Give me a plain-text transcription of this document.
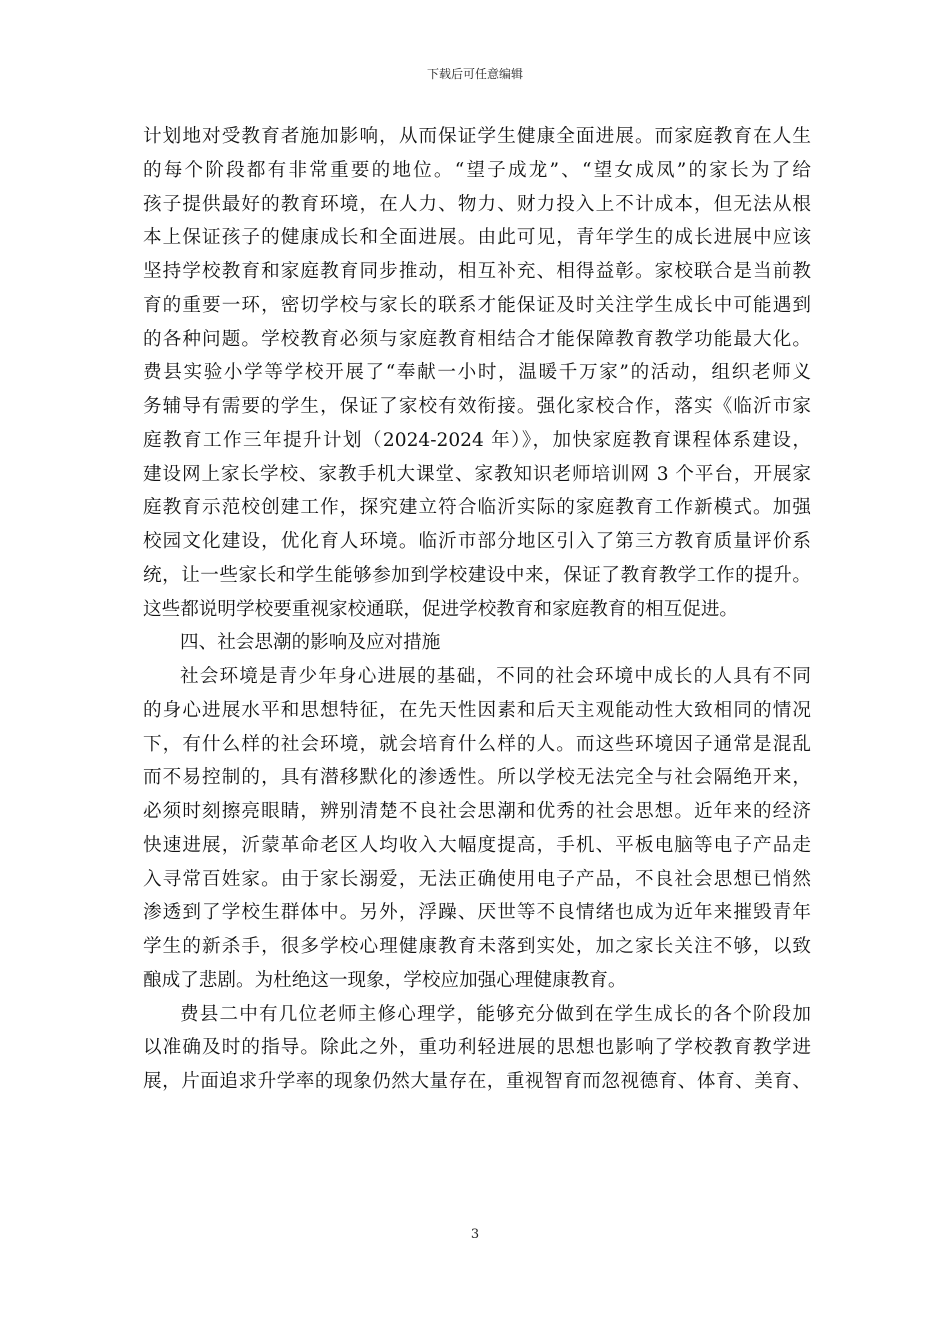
下载后可任意编辑
计划地对受教育者施加影响，从而保证学生健康全面进展。而家庭教育在人生
的每个阶段都有非常重要的地位。“望子成龙”、“望女成凤”的家长为了给
孩子提供最好的教育环境，在人力、物力、财力投入上不计成本，但无法从根
本上保证孩子的健康成长和全面进展。由此可见，青年学生的成长进展中应该
坚持学校教育和家庭教育同步推动，相互补充、相得益彰。家校联合是当前教
育的重要一环，密切学校与家长的联系才能保证及时关注学生成长中可能遇到
的各种问题。学校教育必须与家庭教育相结合才能保障教育教学功能最大化。
费县实验小学等学校开展了“奉献一小时，温暖千万家”的活动，组织老师义
务辅导有需要的学生，保证了家校有效衔接。强化家校合作，落实《临沂市家
庭教育工作三年提升计划（2024-2024 年）》，加快家庭教育课程体系建设，
建设网上家长学校、家教手机大课堂、家教知识老师培训网 3 个平台，开展家
庭教育示范校创建工作，探究建立符合临沂实际的家庭教育工作新模式。加强
校园文化建设，优化育人环境。临沂市部分地区引入了第三方教育质量评价系
统，让一些家长和学生能够参加到学校建设中来，保证了教育教学工作的提升。
这些都说明学校要重视家校通联，促进学校教育和家庭教育的相互促进。
四、社会思潮的影响及应对措施
社会环境是青少年身心进展的基础，不同的社会环境中成长的人具有不同
的身心进展水平和思想特征，在先天性因素和后天主观能动性大致相同的情况
下，有什么样的社会环境，就会培育什么样的人。而这些环境因子通常是混乱
而不易控制的，具有潜移默化的渗透性。所以学校无法完全与社会隔绝开来，
必须时刻擦亮眼睛，辨别清楚不良社会思潮和优秀的社会思想。近年来的经济
快速进展，沂蒙革命老区人均收入大幅度提高，手机、平板电脑等电子产品走
入寻常百姓家。由于家长溺爱，无法正确使用电子产品，不良社会思想已悄然
渗透到了学校生群体中。另外，浮躁、厌世等不良情绪也成为近年来摧毁青年
学生的新杀手，很多学校心理健康教育未落到实处，加之家长关注不够，以致
酿成了悲剧。为杜绝这一现象，学校应加强心理健康教育。
费县二中有几位老师主修心理学，能够充分做到在学生成长的各个阶段加
以准确及时的指导。除此之外，重功利轻进展的思想也影响了学校教育教学进
展，片面追求升学率的现象仍然大量存在，重视智育而忽视德育、体育、美育、
3
